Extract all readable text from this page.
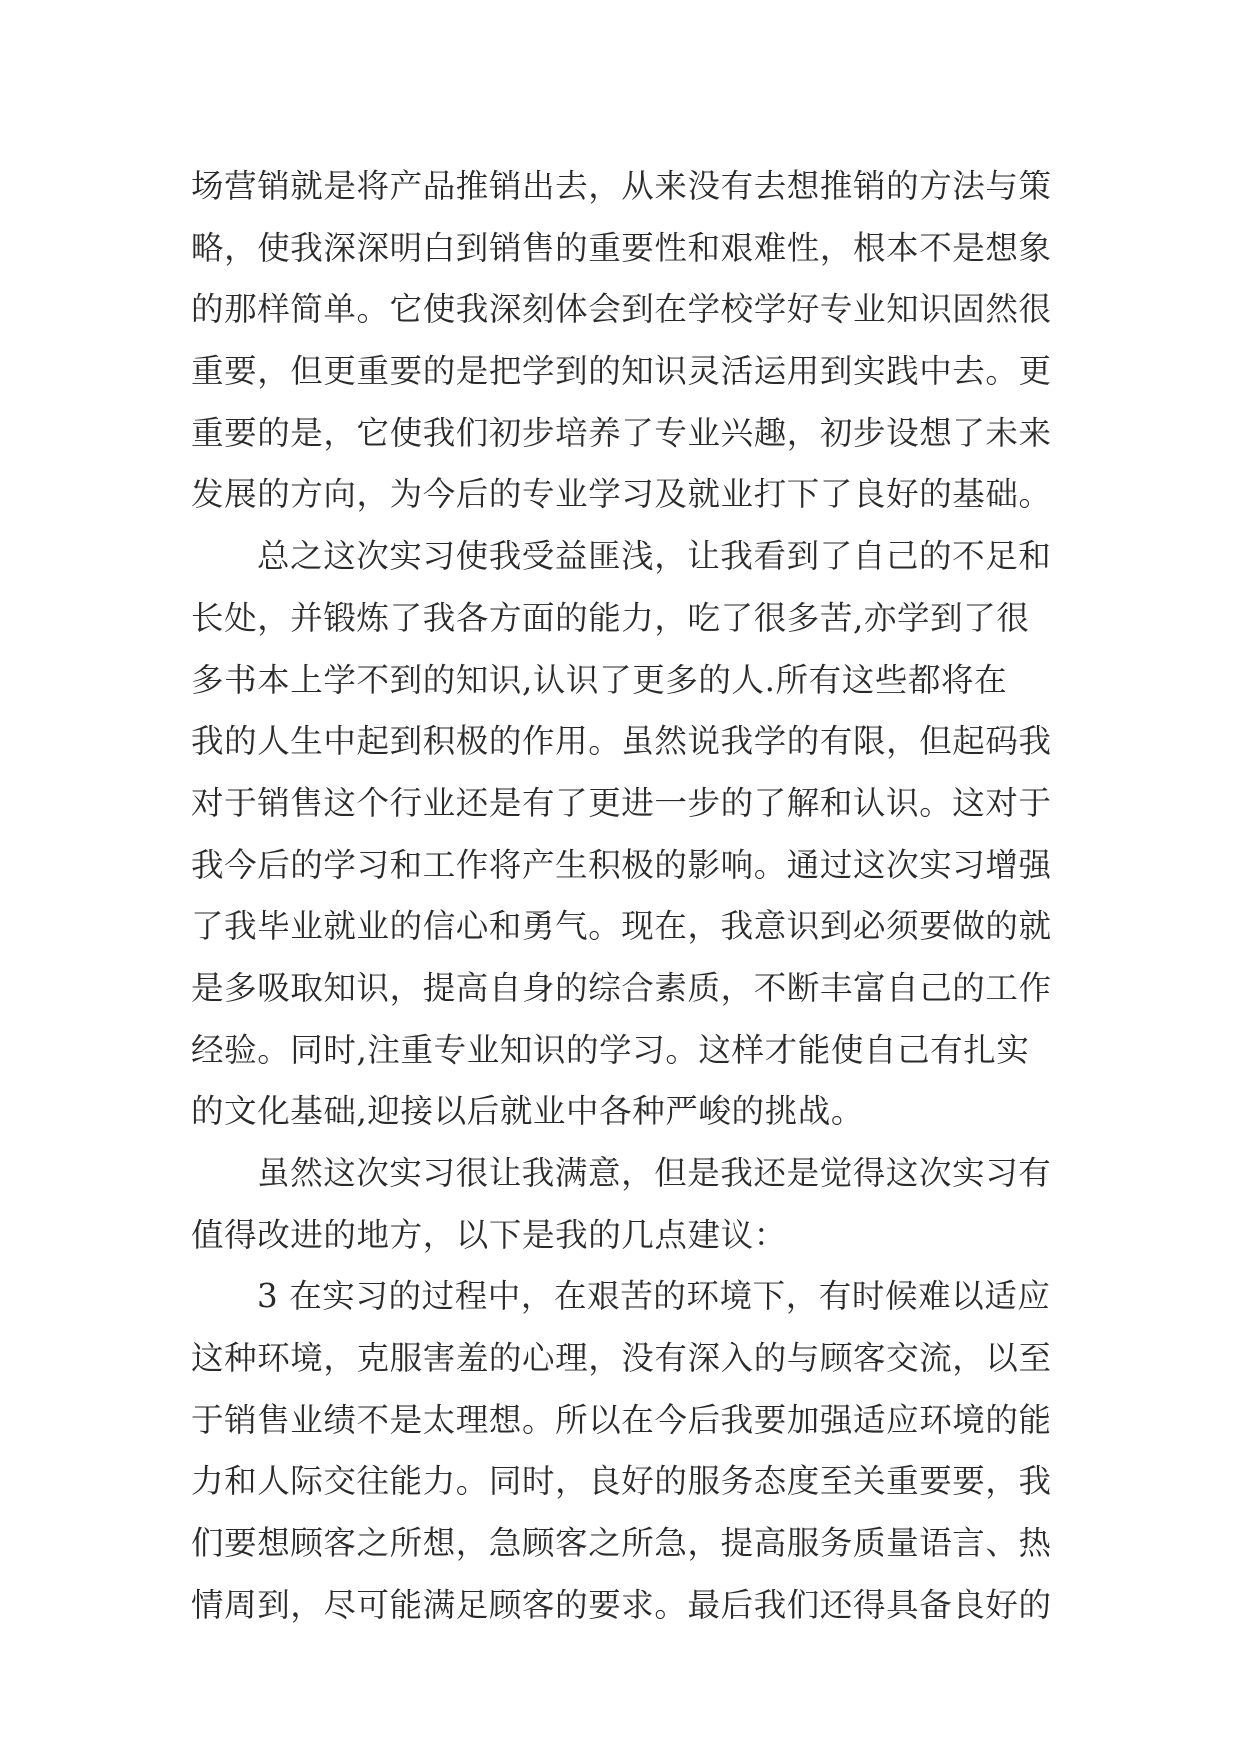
场营销就是将产品推销出去，从来没有去想推销的方法与策
略，使我深深明白到销售的重要性和艰难性，根本不是想象
的那样简单。它使我深刻体会到在学校学好专业知识固然很
重要，但更重要的是把学到的知识灵活运用到实践中去。更
重要的是，它使我们初步培养了专业兴趣，初步设想了未来
发展的方向，为今后的专业学习及就业打下了良好的基础。
总之这次实习使我受益匪浅，让我看到了自己的不足和
长处，并锻炼了我各方面的能力，吃了很多苦,亦学到了很
多书本上学不到的知识,认识了更多的人.所有这些都将在
我的人生中起到积极的作用。虽然说我学的有限，但起码我
对于销售这个行业还是有了更进一步的了解和认识。这对于
我今后的学习和工作将产生积极的影响。通过这次实习增强
了我毕业就业的信心和勇气。现在，我意识到必须要做的就
是多吸取知识，提高自身的综合素质，不断丰富自己的工作
经验。同时,注重专业知识的学习。这样才能使自己有扎实
的文化基础,迎接以后就业中各种严峻的挑战。
虽然这次实习很让我满意，但是我还是觉得这次实习有
值得改进的地方，以下是我的几点建议：
3 在实习的过程中，在艰苦的环境下，有时候难以适应
这种环境，克服害羞的心理，没有深入的与顾客交流，以至
于销售业绩不是太理想。所以在今后我要加强适应环境的能
力和人际交往能力。同时，良好的服务态度至关重要要，我
们要想顾客之所想，急顾客之所急，提高服务质量语言、热
情周到，尽可能满足顾客的要求。最后我们还得具备良好的
